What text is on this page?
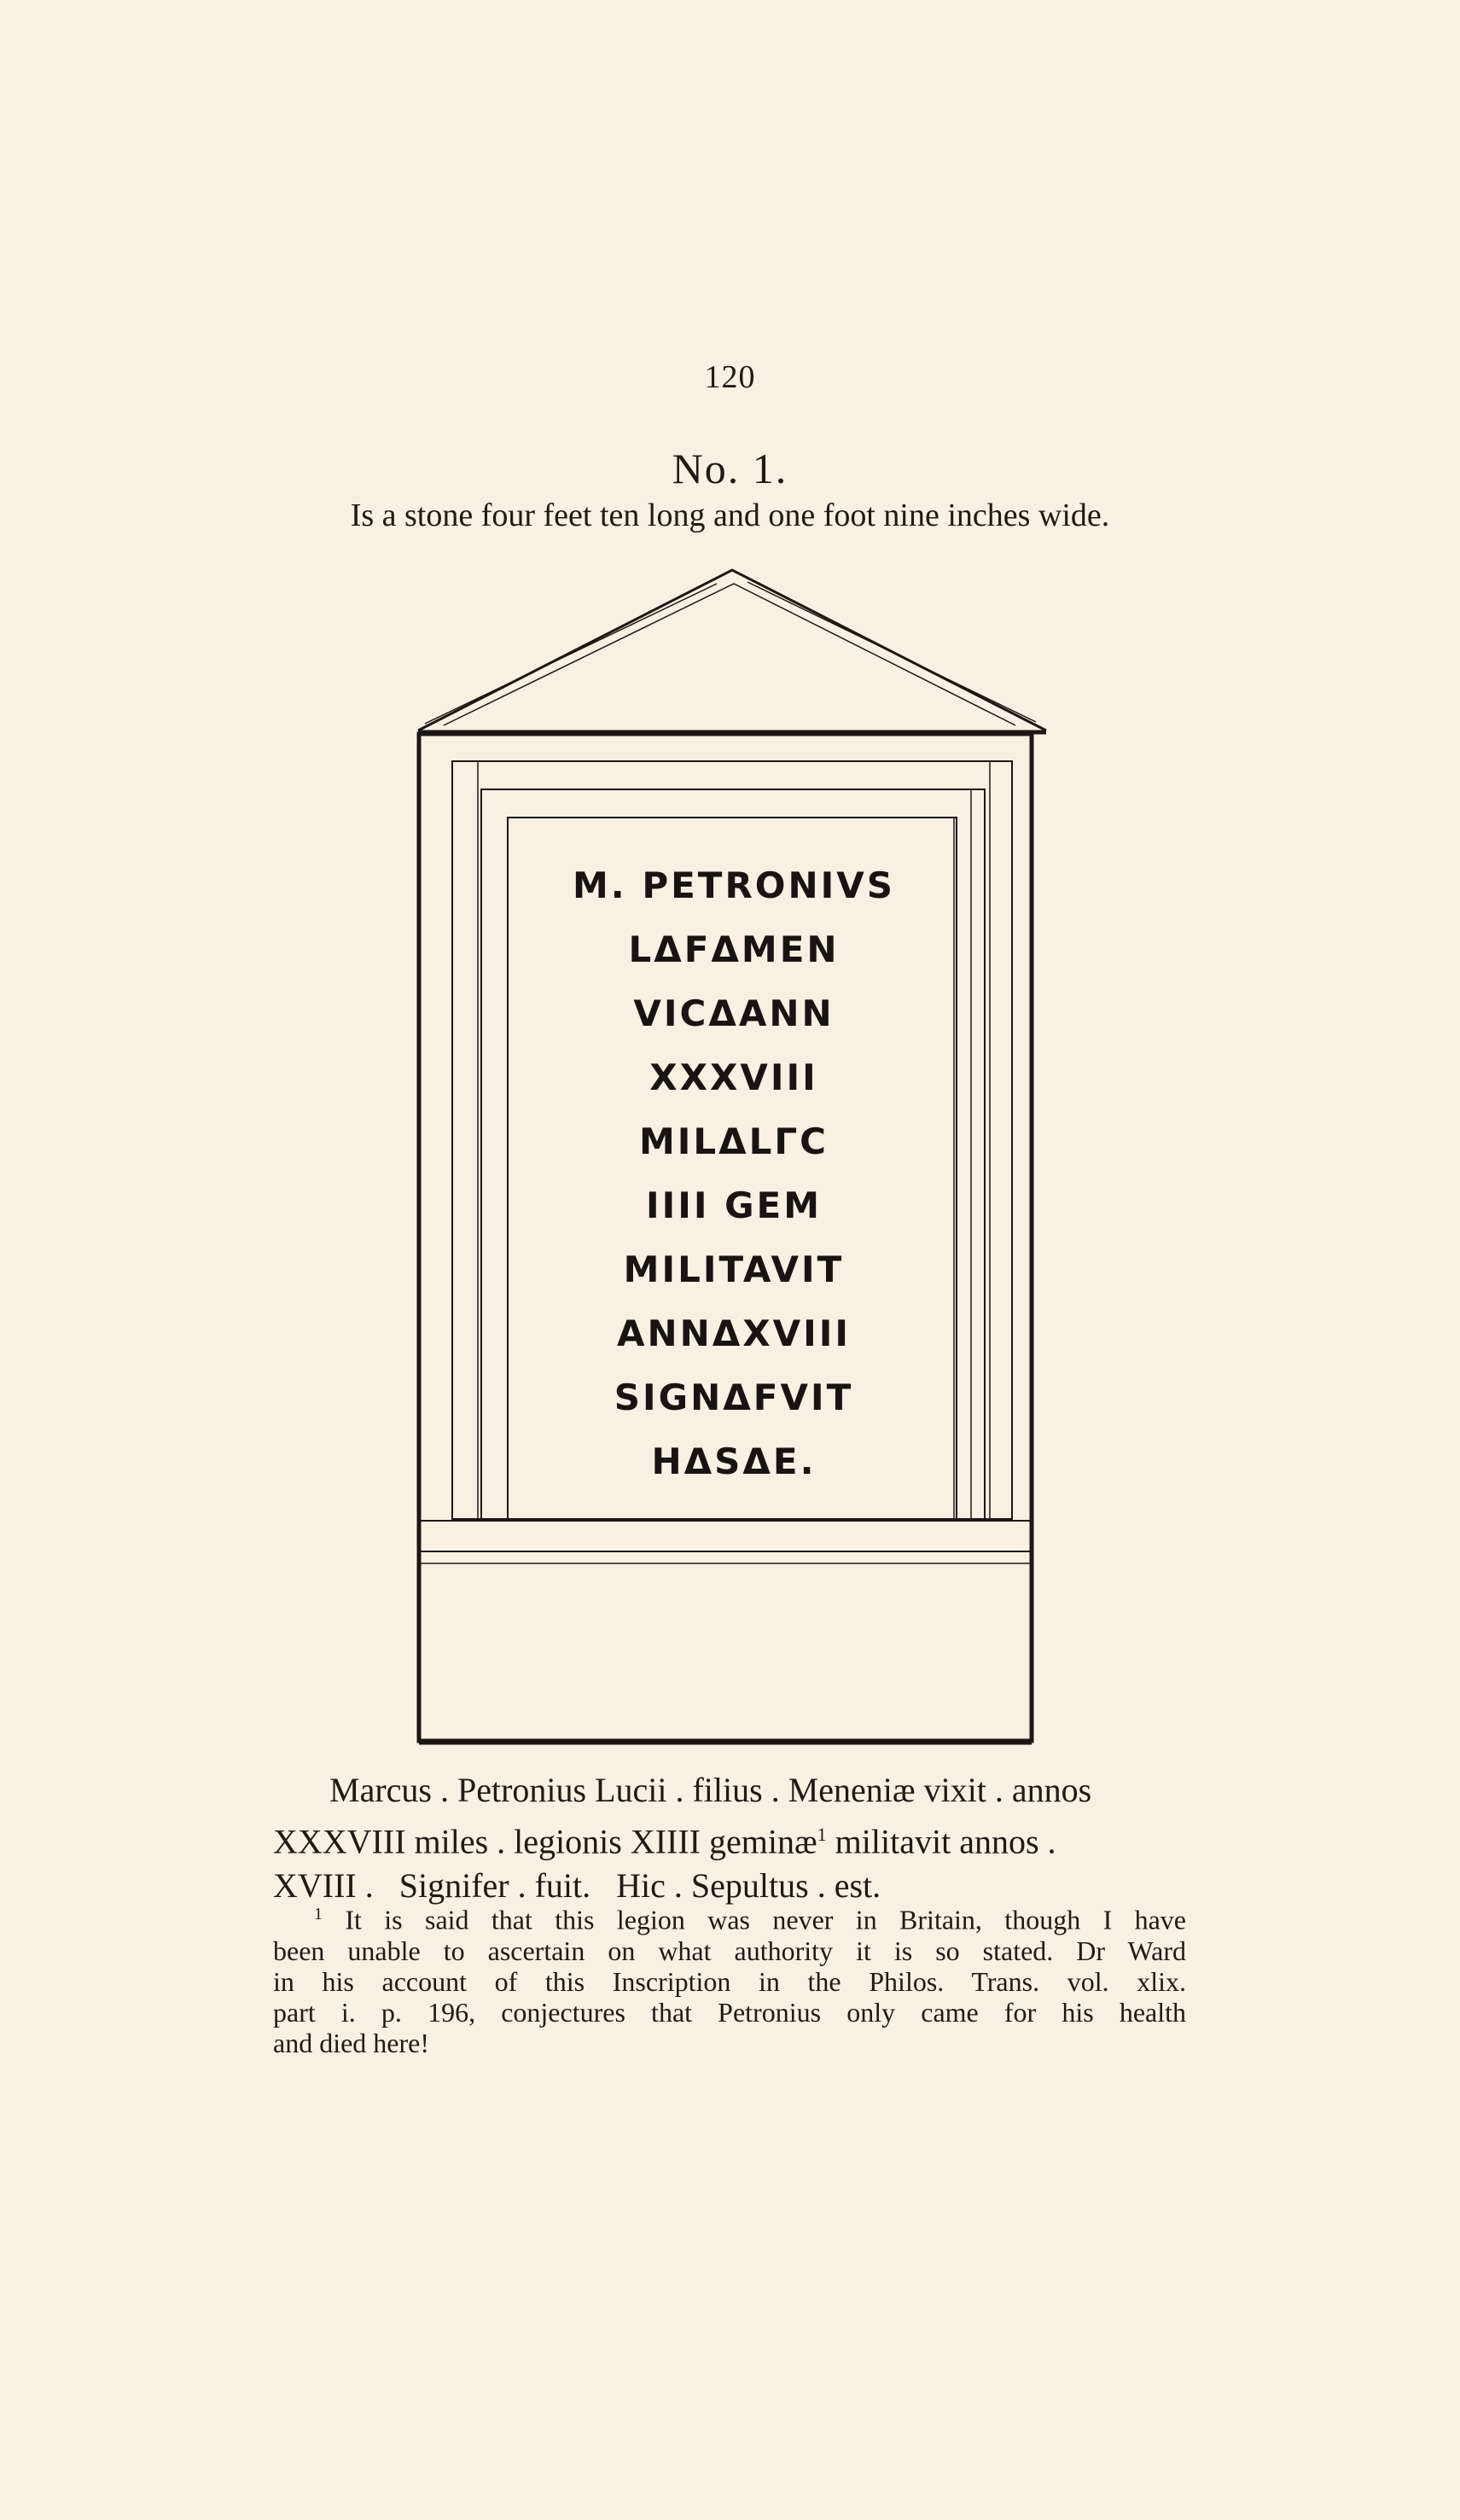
120
No. 1.
Is a stone four feet ten long and one foot nine inches wide.
M. PETRONIVS
LΔFΔMEN
VICΔANN
XXXVIII
MILΔLΓC
IIII GEM
MILITAVIT
ANNΔXVIII
SIGNΔFVIT
HΔSΔE.
Marcus . Petronius Lucii . filius . Meneniæ vixit . annos
XXXVIII miles . legionis XIIII geminæ$^1$ militavit annos .
XVIII .   Signifer . fuit.   Hic . Sepultus . est.
$^1$ It is said that this legion was never in Britain, though I have
been unable to ascertain on what authority it is so stated. Dr Ward
in his account of this Inscription in the Philos. Trans. vol. xlix.
part i. p. 196, conjectures that Petronius only came for his health
and died here!
